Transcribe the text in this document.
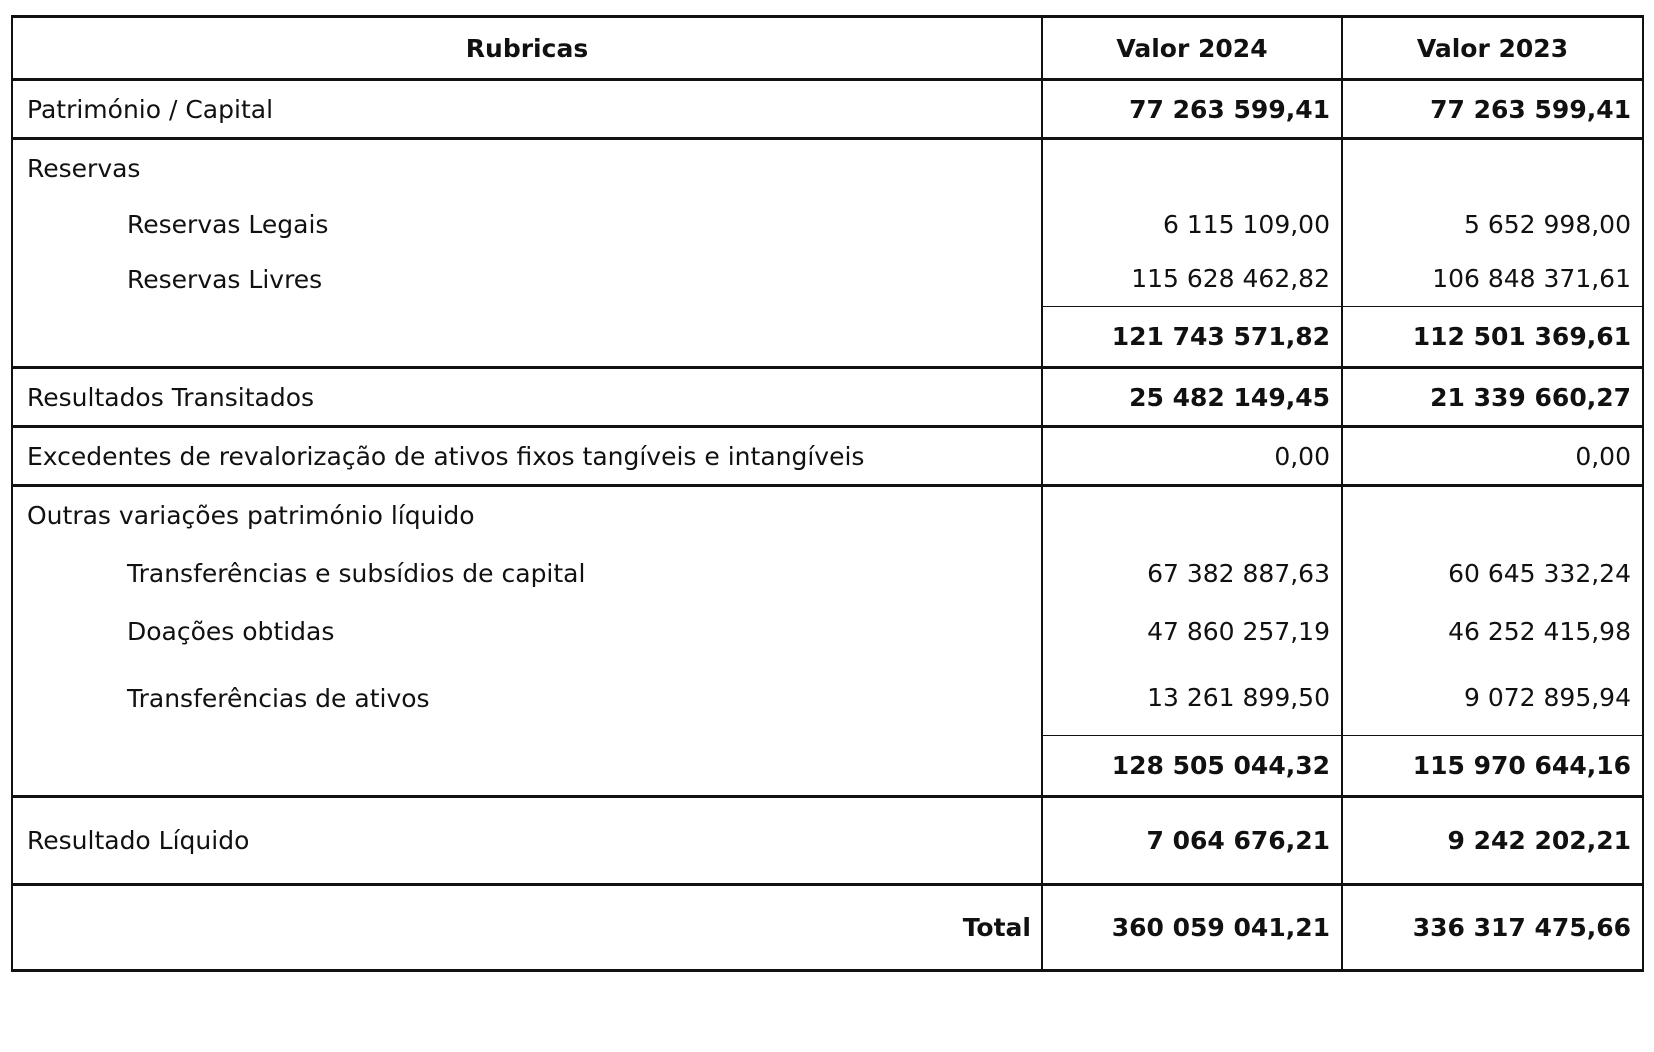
Rubricas	Valor 2024	Valor 2023
Património / Capital	77 263 599,41	77 263 599,41
Reservas		
Reservas Legais	6 115 109,00	5 652 998,00
Reservas Livres	115 628 462,82	106 848 371,61
	121 743 571,82	112 501 369,61
Resultados Transitados	25 482 149,45	21 339 660,27
Excedentes de revalorização de ativos fixos tangíveis e intangíveis	0,00	0,00
Outras variações património líquido		
Transferências e subsídios de capital	67 382 887,63	60 645 332,24
Doações obtidas	47 860 257,19	46 252 415,98
Transferências de ativos	13 261 899,50	9 072 895,94
	128 505 044,32	115 970 644,16
Resultado Líquido	7 064 676,21	9 242 202,21
Total	360 059 041,21	336 317 475,66
